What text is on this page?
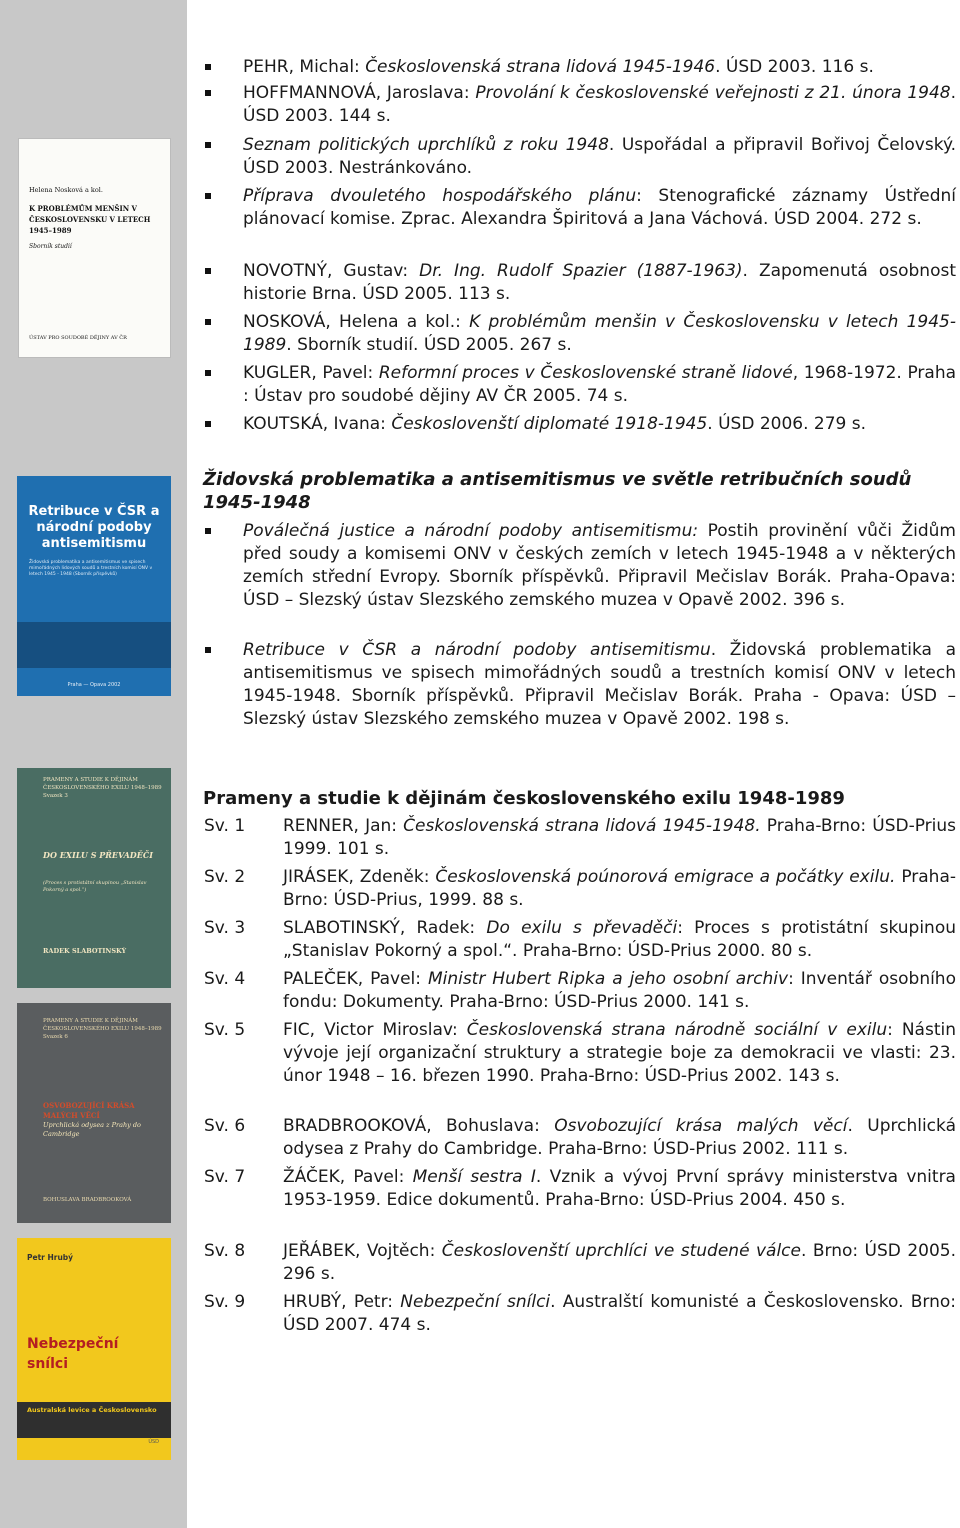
Helena Nosková a kol.
K PROBLÉMŮM MENŠIN V ČESKOSLOVENSKU V LETECH 1945–1989
Sborník studií
ÚSTAV PRO SOUDOBÉ DĚJINY AV ČR
Retribuce v ČSR a národní podoby antisemitismu
Židovská problematika a antisemitismus ve spisech mimořádných lidových soudů a trestních komisí ONV v letech 1945 - 1948 (Sborník příspěvků)
Praha — Opava 2002
PRAMENY A STUDIE K DĚJINÁM ČESKOSLOVENSKÉHO EXILU 1948–1989 Svazek 3
DO EXILU S PŘEVADĚČI
(Proces s protistátní skupinou „Stanislav Pokorný a spol.“)
RADEK SLABOTINSKÝ
PRAMENY A STUDIE K DĚJINÁM ČESKOSLOVENSKÉHO EXILU 1948–1989 Svazek 6
OSVOBOZUJÍCÍ KRÁSA MALÝCH VĚCÍ
Uprchlická odysea z Prahy do Cambridge
BOHUSLAVA BRADBROOKOVÁ
Petr Hrubý
Nebezpeční snílci
Australská levice a Československo
ÚSD
PEHR, Michal: Československá strana lidová 1945-1946. ÚSD 2003. 116 s.
HOFFMANNOVÁ, Jaroslava: Provolání k československé veřejnosti z 21. února 1948. ÚSD 2003. 144 s.
Seznam politických uprchlíků z roku 1948. Uspořádal a připravil Bořivoj Čelovský. ÚSD 2003. Nestránkováno.
Příprava dvouletého hospodářského plánu: Stenografické záznamy Ústřední plánovací komise. Zprac. Alexandra Špiritová a Jana Váchová. ÚSD 2004. 272 s.
NOVOTNÝ, Gustav: Dr. Ing. Rudolf Spazier (1887-1963). Zapomenutá osobnost historie Brna. ÚSD 2005. 113 s.
NOSKOVÁ, Helena a kol.: K problémům menšin v Československu v letech 1945-1989. Sborník studií. ÚSD 2005. 267 s.
KUGLER, Pavel: Reformní proces v Československé straně lidové, 1968-1972. Praha : Ústav pro soudobé dějiny AV ČR 2005. 74 s.
KOUTSKÁ, Ivana: Českoslovenští diplomaté 1918-1945. ÚSD 2006. 279 s.
Židovská problematika a antisemitismus ve světle retribučních soudů 1945-1948
Poválečná justice a národní podoby antisemitismu: Postih provinění vůči Židům před soudy a komisemi ONV v českých zemích v letech 1945-1948 a v některých zemích střední Evropy. Sborník příspěvků. Připravil Mečislav Borák. Praha-Opava: ÚSD – Slezský ústav Slezského zemského muzea v Opavě 2002. 396 s.
Retribuce v ČSR a národní podoby antisemitismu. Židovská problematika a antisemitismus ve spisech mimořádných soudů a trestních komisí ONV v letech 1945-1948. Sborník příspěvků. Připravil Mečislav Borák. Praha - Opava: ÚSD – Slezský ústav Slezského zemského muzea v Opavě 2002. 198 s.
Prameny a studie k dějinám československého exilu 1948-1989
Sv. 1 RENNER, Jan: Československá strana lidová 1945-1948. Praha-Brno: ÚSD-Prius 1999. 101 s.
Sv. 2 JIRÁSEK, Zdeněk: Československá poúnorová emigrace a počátky exilu. Praha-Brno: ÚSD-Prius, 1999. 88 s.
Sv. 3 SLABOTINSKÝ, Radek: Do exilu s převaděči: Proces s protistátní skupinou „Stanislav Pokorný a spol.“. Praha-Brno: ÚSD-Prius 2000. 80 s.
Sv. 4 PALEČEK, Pavel: Ministr Hubert Ripka a jeho osobní archiv: Inventář osobního fondu: Dokumenty. Praha-Brno: ÚSD-Prius 2000. 141 s.
Sv. 5 FIC, Victor Miroslav: Československá strana národně sociální v exilu: Nástin vývoje její organizační struktury a strategie boje za demokracii ve vlasti: 23. únor 1948 – 16. březen 1990. Praha-Brno: ÚSD-Prius 2002. 143 s.
Sv. 6 BRADBROOKOVÁ, Bohuslava: Osvobozující krása malých věcí. Uprchlická odysea z Prahy do Cambridge. Praha-Brno: ÚSD-Prius 2002. 111 s.
Sv. 7 ŽÁČEK, Pavel: Menší sestra I. Vznik a vývoj První správy ministerstva vnitra 1953-1959. Edice dokumentů. Praha-Brno: ÚSD-Prius 2004. 450 s.
Sv. 8 JEŘÁBEK, Vojtěch: Českoslovenští uprchlíci ve studené válce. Brno: ÚSD 2005. 296 s.
Sv. 9 HRUBÝ, Petr: Nebezpeční snílci. Australští komunisté a Československo. Brno: ÚSD 2007. 474 s.
